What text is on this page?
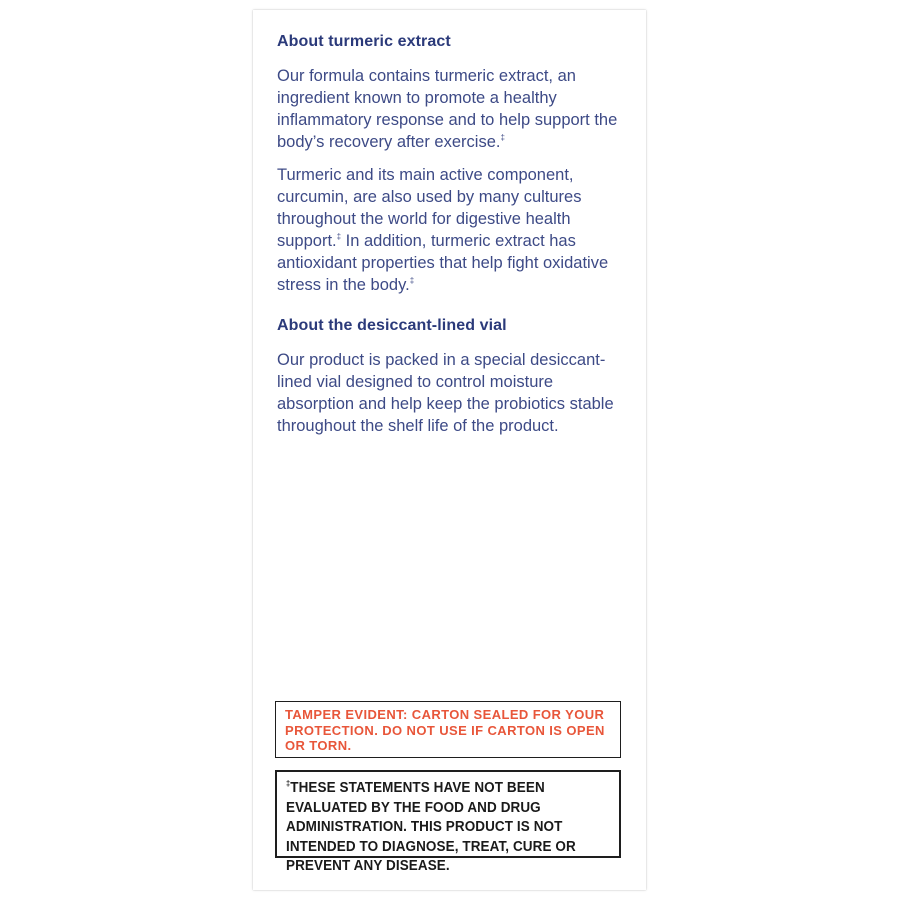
About turmeric extract

Our formula contains turmeric extract, an ingredient known to promote a healthy inflammatory response and to help support the body’s recovery after exercise.‡

Turmeric and its main active component, curcumin, are also used by many cultures throughout the world for digestive health support.‡ In addition, turmeric extract has antioxidant properties that help fight oxidative stress in the body.‡

About the desiccant-lined vial

Our product is packed in a special desiccant-lined vial designed to control moisture absorption and help keep the probiotics stable throughout the shelf life of the product.

TAMPER EVIDENT: CARTON SEALED FOR YOUR PROTECTION. DO NOT USE IF CARTON IS OPEN OR TORN.
‡THESE STATEMENTS HAVE NOT BEEN EVALUATED BY THE FOOD AND DRUG ADMINISTRATION. THIS PRODUCT IS NOT INTENDED TO DIAGNOSE, TREAT, CURE OR PREVENT ANY DISEASE.
